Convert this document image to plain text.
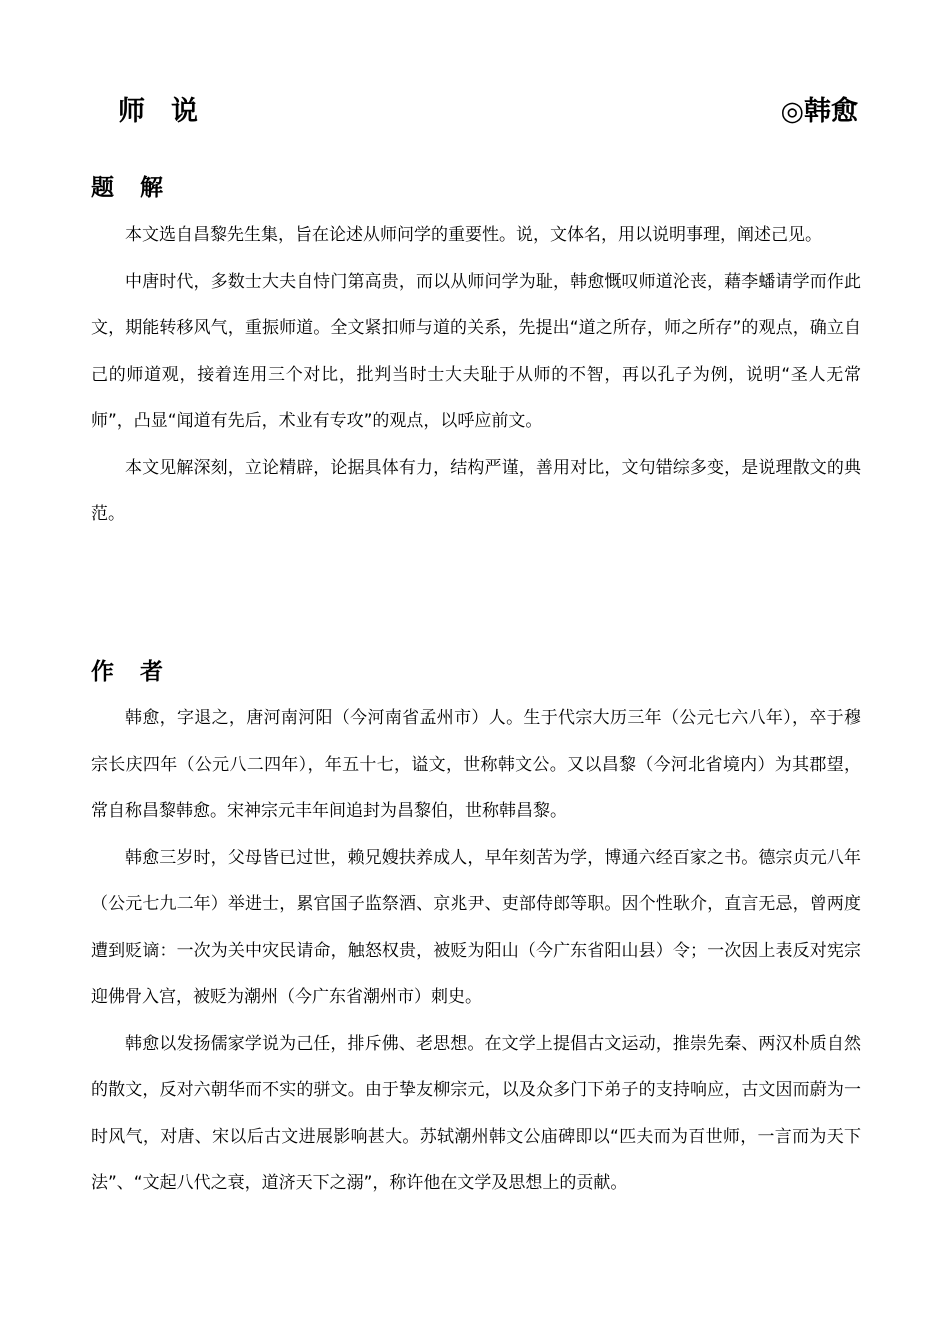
师说	◎韩愈
题解

本文选自昌黎先生集，旨在论述从师问学的重要性。说，文体名，用以说明事理，阐述己见。

中唐时代，多数士大夫自恃门第高贵，而以从师问学为耻，韩愈慨叹师道沦丧，藉李蟠请学而作此文，期能转移风气，重振师道。全文紧扣师与道的关系，先提出“道之所存，师之所存”的观点，确立自己的师道观，接着连用三个对比，批判当时士大夫耻于从师的不智，再以孔子为例，说明“圣人无常师”，凸显“闻道有先后，术业有专攻”的观点，以呼应前文。

本文见解深刻，立论精辟，论据具体有力，结构严谨，善用对比，文句错综多变，是说理散文的典范。

作者

韩愈，字退之，唐河南河阳（今河南省孟州市）人。生于代宗大历三年（公元七六八年），卒于穆宗长庆四年（公元八二四年），年五十七，谥文，世称韩文公。又以昌黎（今河北省境内）为其郡望，常自称昌黎韩愈。宋神宗元丰年间追封为昌黎伯，世称韩昌黎。

韩愈三岁时，父母皆已过世，赖兄嫂扶养成人，早年刻苦为学，博通六经百家之书。德宗贞元八年（公元七九二年）举进士，累官国子监祭酒、京兆尹、吏部侍郎等职。因个性耿介，直言无忌，曾两度遭到贬谪：一次为关中灾民请命，触怒权贵，被贬为阳山（今广东省阳山县）令；一次因上表反对宪宗迎佛骨入宫，被贬为潮州（今广东省潮州市）刺史。

韩愈以发扬儒家学说为己任，排斥佛、老思想。在文学上提倡古文运动，推崇先秦、两汉朴质自然的散文，反对六朝华而不实的骈文。由于挚友柳宗元，以及众多门下弟子的支持响应，古文因而蔚为一时风气，对唐、宋以后古文进展影响甚大。苏轼潮州韩文公庙碑即以“匹夫而为百世师，一言而为天下法”、“文起八代之衰，道济天下之溺”，称许他在文学及思想上的贡献。
